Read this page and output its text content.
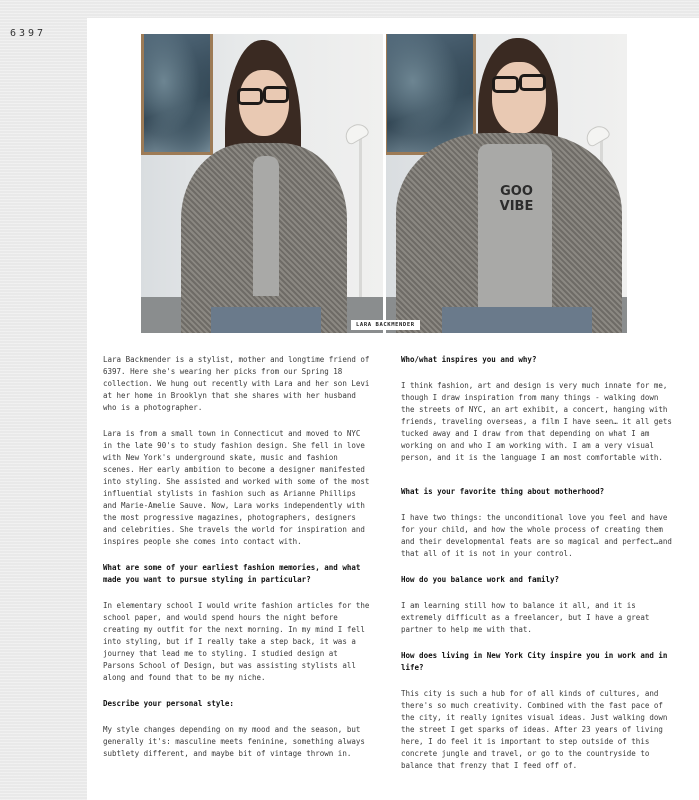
6397
GOO
VIBE
LARA BACKMENDER

Lara Backmender is a stylist, mother and longtime friend of 6397. Here she's wearing her picks from our Spring 18 collection. We hung out recently with Lara and her son Levi at her home in Brooklyn that she shares with her husband who is a photographer.

Lara is from a small town in Connecticut and moved to NYC in the late 90's to study fashion design. She fell in love with New York's underground skate, music and fashion scenes. Her early ambition to become a designer manifested into styling. She assisted and worked with some of the most influential stylists in fashion such as Arianne Phillips and Marie-Amelie Sauve. Now, Lara works independently with the most progressive magazines, photographers, designers and celebrities. She travels the world for inspiration and inspires people she comes into contact with.

What are some of your earliest fashion memories, and what made you want to pursue styling in particular?

In elementary school I would write fashion articles for the school paper, and would spend hours the night before creating my outfit for the next morning. In my mind I fell into styling, but if I really take a step back, it was a journey that lead me to styling. I studied design at Parsons School of Design, but was assisting stylists all along and found that to be my niche.

Describe your personal style:

My style changes depending on my mood and the season, but generally it's: masculine meets feninine, something always subtlety different, and maybe bit of vintage thrown in.

Who/what inspires you and why?

I think fashion, art and design is very much innate for me, though I draw inspiration from many things - walking down the streets of NYC, an art exhibit, a concert, hanging with friends, traveling overseas, a film I have seen… it all gets tucked away and I draw from that depending on what I am working on and who I am working with. I am a very visual person, and it is the language I am most comfortable with.

What is your favorite thing about motherhood?

I have two things: the unconditional love you feel and have for your child, and how the whole process of creating them and their developmental feats are so magical and perfect…and that all of it is not in your control.

How do you balance work and family?

I am learning still how to balance it all, and it is extremely difficult as a freelancer, but I have a great partner to help me with that.

How does living in New York City inspire you in work and in life?

This city is such a hub for of all kinds of cultures, and there's so much creativity. Combined with the fast pace of the city, it really ignites visual ideas. Just walking down the street I get sparks of ideas. After 23 years of living here, I do feel it is important to step outside of this concrete jungle and travel, or go to the countryside to balance that frenzy that I feed off of.
